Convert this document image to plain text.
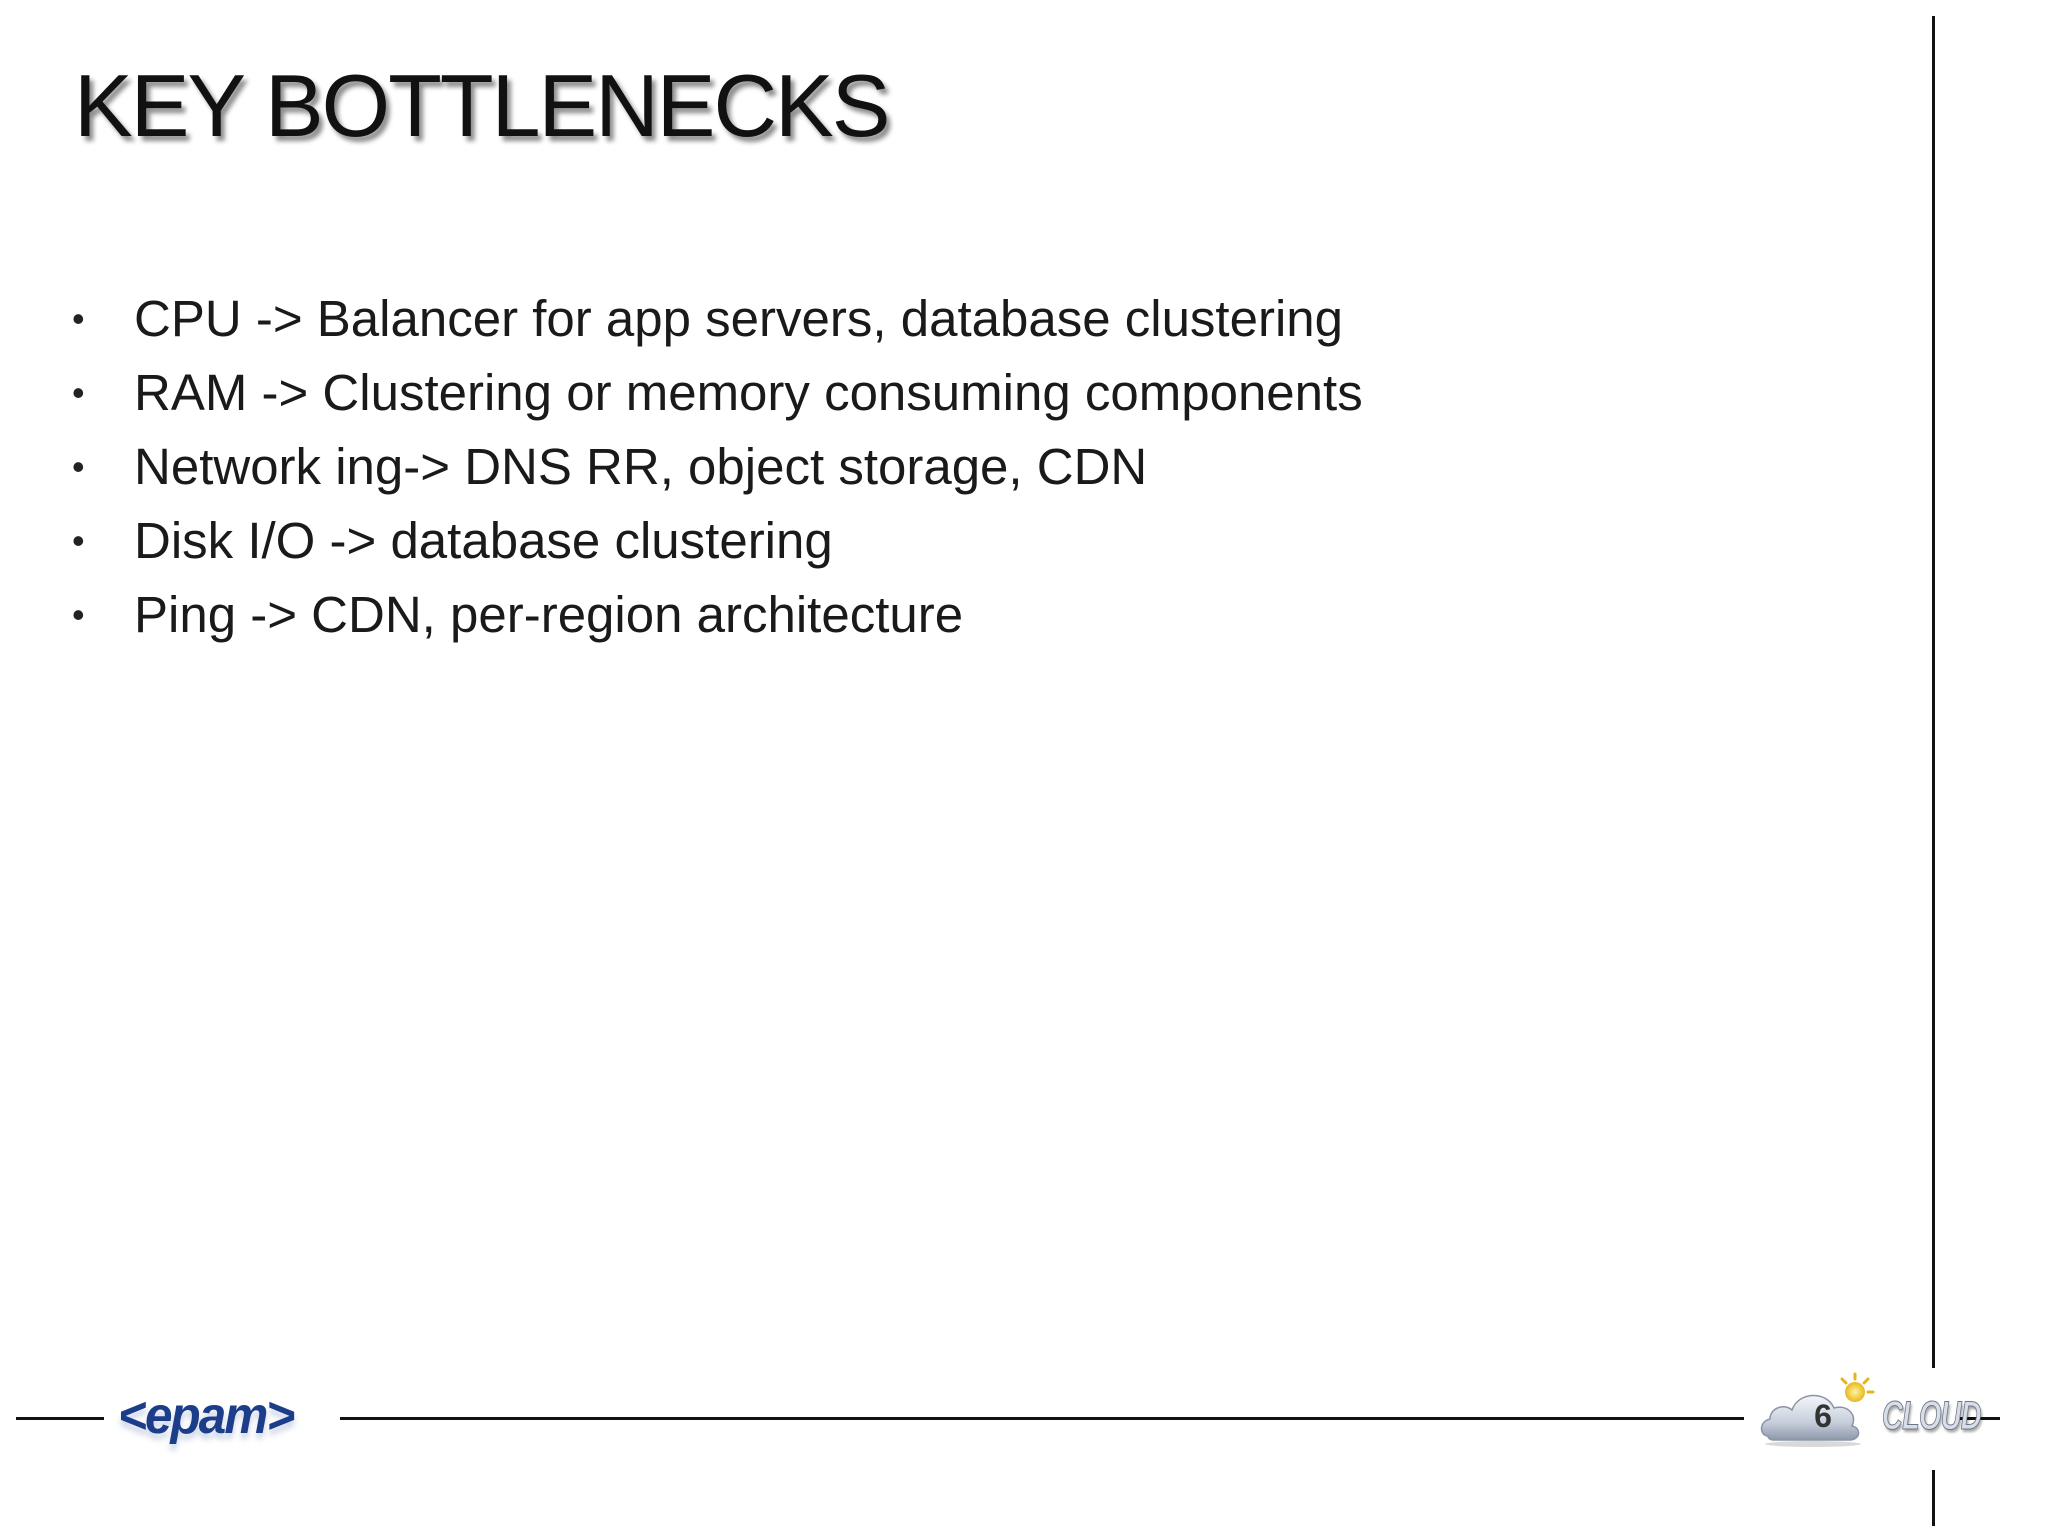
KEY BOTTLENECKS
• CPU -> Balancer for app servers, database clustering
• RAM -> Clustering or memory consuming components
• Network ing-> DNS RR, object storage, CDN
• Disk I/O -> database clustering
• Ping -> CDN, per-region architecture
<epam>	6 CLOUD
